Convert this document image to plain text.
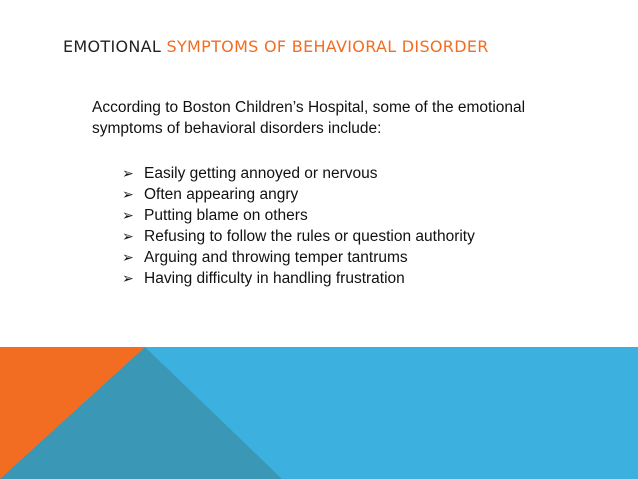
EMOTIONAL SYMPTOMS OF BEHAVIORAL DISORDER
According to Boston Children’s Hospital, some of the emotional symptoms of behavioral disorders include:
➢ Easily getting annoyed or nervous
➢ Often appearing angry
➢ Putting blame on others
➢ Refusing to follow the rules or question authority
➢ Arguing and throwing temper tantrums
➢ Having difficulty in handling frustration
